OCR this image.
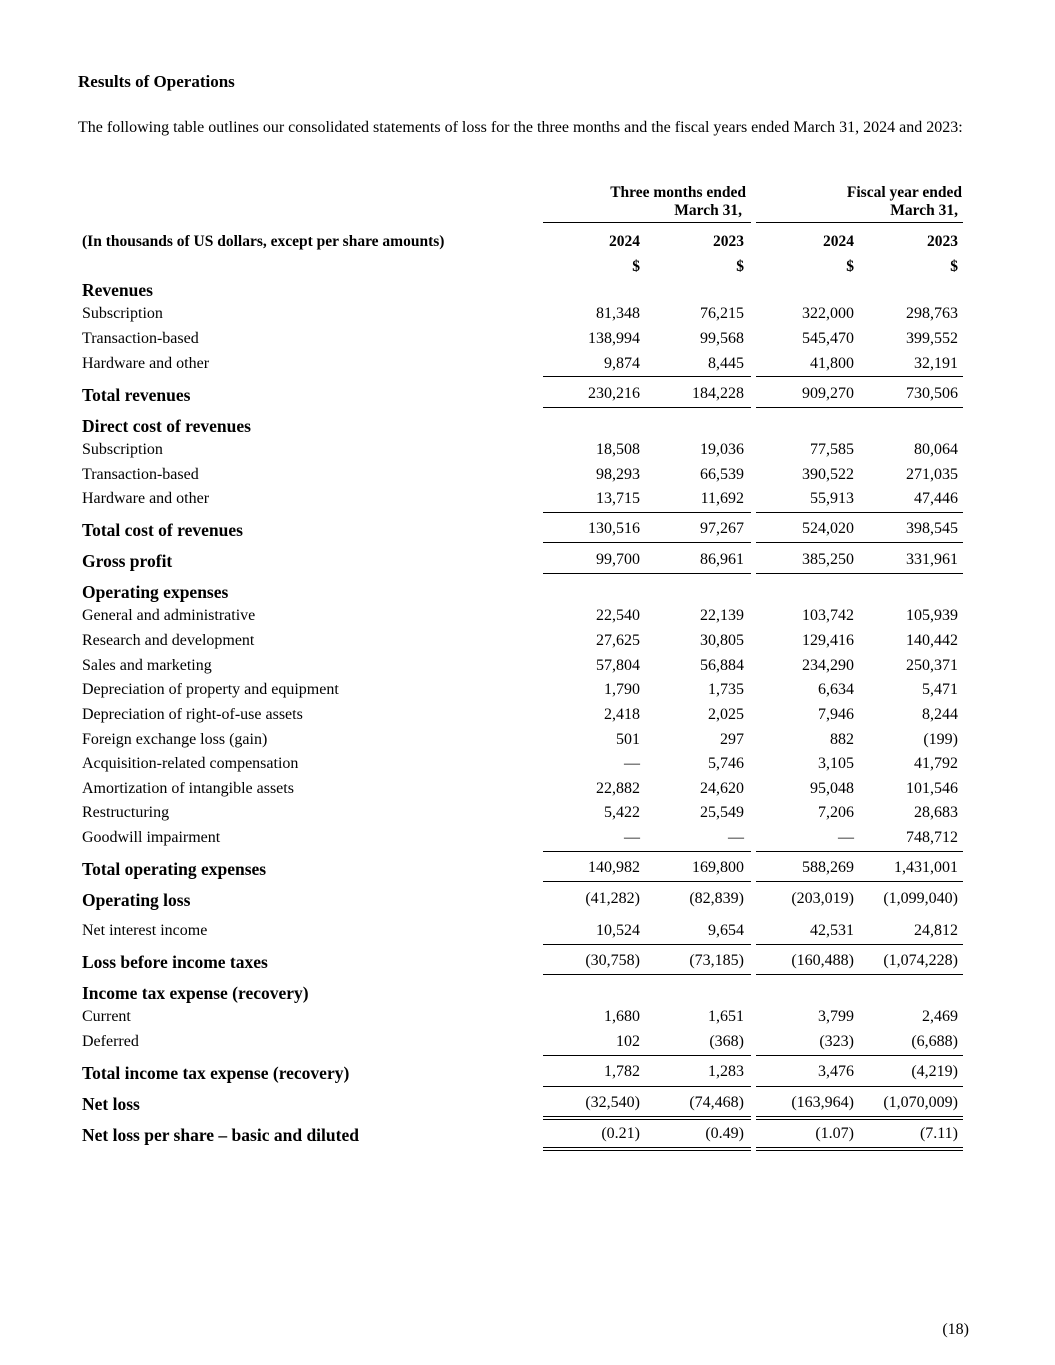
Results of Operations
The following table outlines our consolidated statements of loss for the three months and the fiscal years ended March 31, 2024 and 2023:
Three months ended
March 31,
Fiscal year ended
March 31,
(In thousands of US dollars, except per share amounts)	2024	2023	2024	2023
$	$	$	$
Revenues
Subscription	81,348	76,215	322,000	298,763
Transaction-based	138,994	99,568	545,470	399,552
Hardware and other	9,874	8,445	41,800	32,191
Total revenues	230,216	184,228	909,270	730,506
Direct cost of revenues
Subscription	18,508	19,036	77,585	80,064
Transaction-based	98,293	66,539	390,522	271,035
Hardware and other	13,715	11,692	55,913	47,446
Total cost of revenues	130,516	97,267	524,020	398,545
Gross profit	99,700	86,961	385,250	331,961
Operating expenses
General and administrative	22,540	22,139	103,742	105,939
Research and development	27,625	30,805	129,416	140,442
Sales and marketing	57,804	56,884	234,290	250,371
Depreciation of property and equipment	1,790	1,735	6,634	5,471
Depreciation of right-of-use assets	2,418	2,025	7,946	8,244
Foreign exchange loss (gain)	501	297	882	(199)
Acquisition-related compensation	—	5,746	3,105	41,792
Amortization of intangible assets	22,882	24,620	95,048	101,546
Restructuring	5,422	25,549	7,206	28,683
Goodwill impairment	—	—	—	748,712
Total operating expenses	140,982	169,800	588,269	1,431,001
Operating loss	(41,282)	(82,839)	(203,019)	(1,099,040)
Net interest income	10,524	9,654	42,531	24,812
Loss before income taxes	(30,758)	(73,185)	(160,488)	(1,074,228)
Income tax expense (recovery)
Current	1,680	1,651	3,799	2,469
Deferred	102	(368)	(323)	(6,688)
Total income tax expense (recovery)	1,782	1,283	3,476	(4,219)
Net loss	(32,540)	(74,468)	(163,964)	(1,070,009)
Net loss per share – basic and diluted	(0.21)	(0.49)	(1.07)	(7.11)
(18)
